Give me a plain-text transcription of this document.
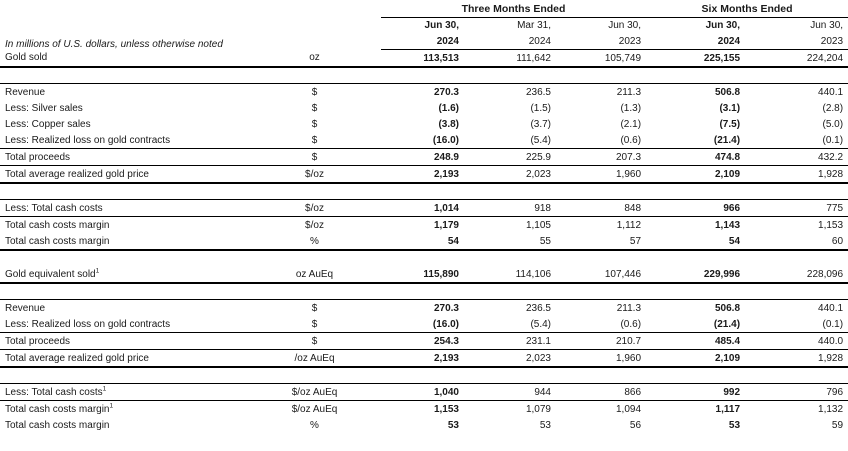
		Three Months Ended			Six Months Ended	
		Jun 30,	Mar 31,	Jun 30,	Jun 30,	Jun 30,
In millions of U.S. dollars, unless otherwise noted		2024	2024	2023	2024	2023
Gold sold	oz	113,513	111,642	105,749	225,155	224,204

Revenue	$	270.3	236.5	211.3	506.8	440.1
Less: Silver sales	$	(1.6)	(1.5)	(1.3)	(3.1)	(2.8)
Less: Copper sales	$	(3.8)	(3.7)	(2.1)	(7.5)	(5.0)
Less: Realized loss on gold contracts	$	(16.0)	(5.4)	(0.6)	(21.4)	(0.1)
Total proceeds	$	248.9	225.9	207.3	474.8	432.2
Total average realized gold price	$/oz	2,193	2,023	1,960	2,109	1,928

Less: Total cash costs	$/oz	1,014	918	848	966	775
Total cash costs margin	$/oz	1,179	1,105	1,112	1,143	1,153
Total cash costs margin	%	54	55	57	54	60

Gold equivalent sold$^1$	oz AuEq	115,890	114,106	107,446	229,996	228,096

Revenue	$	270.3	236.5	211.3	506.8	440.1
Less: Realized loss on gold contracts	$	(16.0)	(5.4)	(0.6)	(21.4)	(0.1)
Total proceeds	$	254.3	231.1	210.7	485.4	440.0
Total average realized gold price	/oz AuEq	2,193	2,023	1,960	2,109	1,928

Less: Total cash costs$^1$	$/oz AuEq	1,040	944	866	992	796
Total cash costs margin$^1$	$/oz AuEq	1,153	1,079	1,094	1,117	1,132
Total cash costs margin	%	53	53	56	53	59
